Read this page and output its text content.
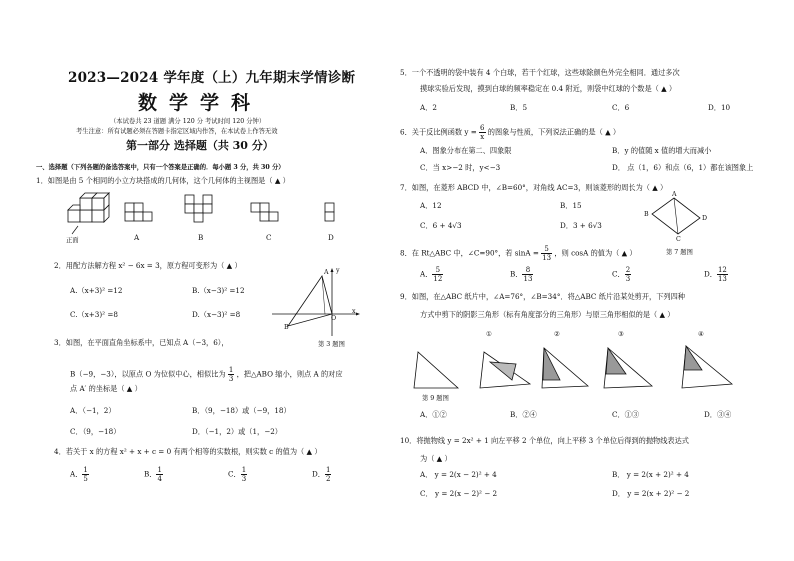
2023—2024 学年度（上）九年期末学情诊断
数学学科
（本试卷共 23 道题 满分 120 分 考试时间 120 分钟）
考生注意：所有试题必须在答题卡指定区域内作答，在本试卷上作答无效
第一部分 选择题（共 30 分）
一、选择题（下列各题的备选答案中，只有一个答案是正确的．每小题 3 分，共 30 分）
1．如图是由 5 个相同的小立方块搭成的几何体，这个几何体的主视图是（ ▲ ）
正面	A	B	C	D
2．用配方法解方程 x² − 6x = 3，原方程可变形为（ ▲ ）
A.（x+3)² =12	B.（x−3)² =12
C.（x+3)² =8	D.（x−3)² =8
y
x
A
B
O
第 3 题图
3．如图，在平面直角坐标系中，已知点 A（−3，6），
B（−9，−3），以原点 O 为位似中心，相似比为 $\frac{1}{3}$ ，把△ABO 缩小，则点 A 的对应
点 A′ 的坐标是（ ▲ ）
A．（−1，2）	B．（9，−18）或（−9，18）
C．（9，−18）	D．（−1，2）或（1，−2）
4．若关于 x 的方程 x² + x + c = 0 有两个相等的实数根，则实数 c 的值为（ ▲ ）
A． $\frac{1}{5}$	B． $\frac{1}{4}$	C． $\frac{1}{3}$	D． $\frac{1}{2}$
5．一个不透明的袋中装有 4 个白球，若干个红球，这些球除颜色外完全相同．通过多次
摸球实验后发现，摸到白球的频率稳定在 0.4 附近，则袋中红球的个数是（ ▲ ）
A．2	B．5	C．6	D．10
6．关于反比例函数 $y = \frac{6}{x}$ 的图象与性质，下列说法正确的是（ ▲ ）
A．图象分布在第二、四象限	B．y 的值随 x 值的增大而减小
C．当 x>−2 时，y<−3	D． 点（1，6）和点（6，1）都在该图象上
7．如图，在菱形 ABCD 中，∠B=60°，对角线 AC=3，则该菱形的周长为（ ▲ ）
A．12	B．15
C．6 + 4√3	D．3 + 6√3
A
B
C
D
8．在 Rt△ABC 中，∠C=90°，若 $\sin A = \frac{5}{13}$ ，则 cosA 的值为（ ▲ ）	第 7 题图
A． $\frac{5}{12}$	B． $\frac{8}{13}$	C． $\frac{2}{3}$	D． $\frac{12}{13}$
9．如图，在△ABC 纸片中，∠A=76°，∠B=34°．将△ABC 纸片沿某处剪开，下列四种
方式中剪下的阴影三角形（标有角度部分的三角形）与原三角形相似的是（ ▲ ）
①	②	③	④
第 9 题图
A．①②	B．②④	C．①③	D．③④
10．将抛物线 y = 2x² + 1 向左平移 2 个单位，向上平移 3 个单位后得到的抛物线表达式
为（ ▲ ）
A． y = 2(x − 2)² + 4	B． y = 2(x + 2)² + 4
C． y = 2(x − 2)² − 2	D． y = 2(x + 2)² − 2
